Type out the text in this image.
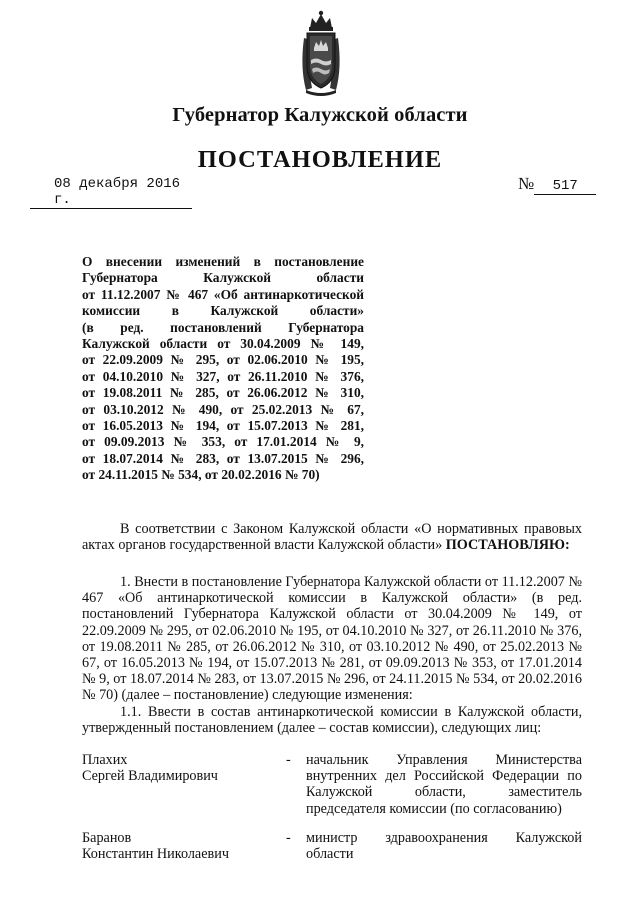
Губернатор Калужской области
ПОСТАНОВЛЕНИЕ
08 декабря 2016 г.
№ 517
О внесении изменений в постановление
Губернатора Калужской области
от 11.12.2007 № 467 «Об антинаркотической
комиссии в Калужской области»
(в ред. постановлений Губернатора
Калужской области от 30.04.2009 № 149,
от 22.09.2009 № 295, от 02.06.2010 № 195,
от 04.10.2010 № 327, от 26.11.2010 № 376,
от 19.08.2011 № 285, от 26.06.2012 № 310,
от 03.10.2012 № 490, от 25.02.2013 № 67,
от 16.05.2013 № 194, от 15.07.2013 № 281,
от 09.09.2013 № 353, от 17.01.2014 № 9,
от 18.07.2014 № 283, от 13.07.2015 № 296,
от 24.11.2015 № 534, от 20.02.2016 № 70)
В соответствии с Законом Калужской области «О нормативных правовых актах органов государственной власти Калужской области» ПОСТАНОВЛЯЮ:
1. Внести в постановление Губернатора Калужской области от 11.12.2007 № 467 «Об антинаркотической комиссии в Калужской области» (в ред. постановлений Губернатора Калужской области от 30.04.2009 № 149, от 22.09.2009 № 295, от 02.06.2010 № 195, от 04.10.2010 № 327, от 26.11.2010 № 376, от 19.08.2011 № 285, от 26.06.2012 № 310, от 03.10.2012 № 490, от 25.02.2013 № 67, от 16.05.2013 № 194, от 15.07.2013 № 281, от 09.09.2013 № 353, от 17.01.2014 № 9, от 18.07.2014 № 283, от 13.07.2015 № 296, от 24.11.2015 № 534, от 20.02.2016 № 70) (далее – постановление) следующие изменения:
1.1. Ввести в состав антинаркотической комиссии в Калужской области, утвержденный постановлением (далее – состав комиссии), следующих лиц:
Плахих
Сергей Владимирович
- начальник Управления Министерства внутренних дел Российской Федерации по Калужской области, заместитель председателя комиссии (по согласованию)
Баранов
Константин Николаевич
- министр здравоохранения Калужской области
